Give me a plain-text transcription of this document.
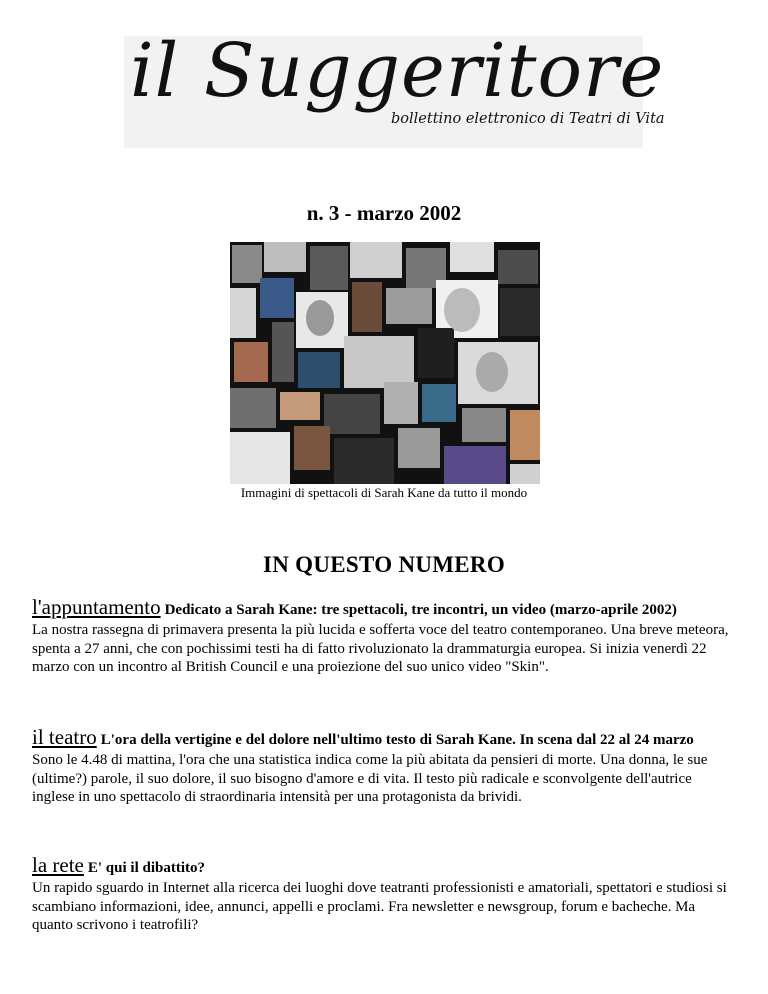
il Suggeritore
bollettino elettronico di Teatri di Vita
n. 3 - marzo 2002
Immagini di spettacoli di Sarah Kane da tutto il mondo
IN QUESTO NUMERO
l'appuntamento Dedicato a Sarah Kane: tre spettacoli, tre incontri, un video (marzo-aprile 2002)
La nostra rassegna di primavera presenta la più lucida e sofferta voce del teatro contemporaneo. Una breve meteora, spenta a 27 anni, che con pochissimi testi ha di fatto rivoluzionato la drammaturgia europea. Si inizia venerdì 22 marzo con un incontro al British Council e una proiezione del suo unico video "Skin".
il teatro L'ora della vertigine e del dolore nell'ultimo testo di Sarah Kane. In scena dal 22 al 24 marzo
Sono le 4.48 di mattina, l'ora che una statistica indica come la più abitata da pensieri di morte. Una donna, le sue (ultime?) parole, il suo dolore, il suo bisogno d'amore e di vita. Il testo più radicale e sconvolgente dell'autrice inglese in uno spettacolo di straordinaria intensità per una protagonista da brividi.
la rete E' qui il dibattito?
Un rapido sguardo in Internet alla ricerca dei luoghi dove teatranti professionisti e amatoriali, spettatori e studiosi si scambiano informazioni, idee, annunci, appelli e proclami. Fra newsletter e newsgroup, forum e bacheche. Ma quanto scrivono i teatrofili?
